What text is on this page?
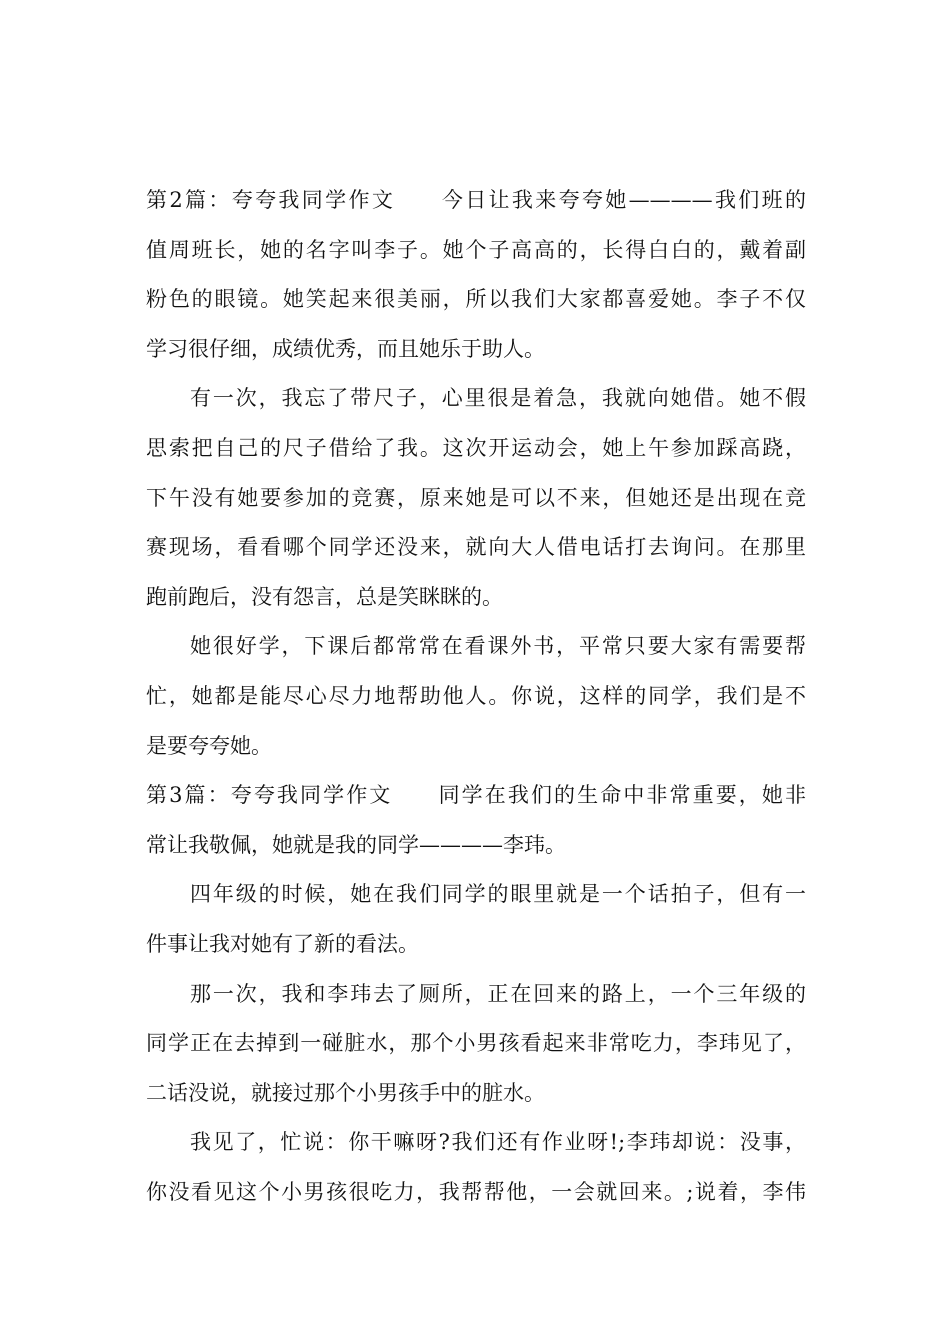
第2篇：夸夸我同学作文　　今日让我来夸夸她————我们班的
值周班长，她的名字叫李子。她个子高高的，长得白白的，戴着副
粉色的眼镜。她笑起来很美丽，所以我们大家都喜爱她。李子不仅
学习很仔细，成绩优秀，而且她乐于助人。
有一次，我忘了带尺子，心里很是着急，我就向她借。她不假
思索把自己的尺子借给了我。这次开运动会，她上午参加踩高跷，
下午没有她要参加的竞赛，原来她是可以不来，但她还是出现在竞
赛现场，看看哪个同学还没来，就向大人借电话打去询问。在那里
跑前跑后，没有怨言，总是笑眯眯的。
她很好学，下课后都常常在看课外书，平常只要大家有需要帮
忙，她都是能尽心尽力地帮助他人。你说，这样的同学，我们是不
是要夸夸她。
第3篇：夸夸我同学作文　　同学在我们的生命中非常重要，她非
常让我敬佩，她就是我的同学————李玮。
四年级的时候，她在我们同学的眼里就是一个话拍子，但有一
件事让我对她有了新的看法。
那一次，我和李玮去了厕所，正在回来的路上，一个三年级的
同学正在去掉到一碰脏水，那个小男孩看起来非常吃力，李玮见了，
二话没说，就接过那个小男孩手中的脏水。
我见了，忙说：你干嘛呀?我们还有作业呀!;李玮却说：没事，
你没看见这个小男孩很吃力，我帮帮他，一会就回来。;说着，李伟
